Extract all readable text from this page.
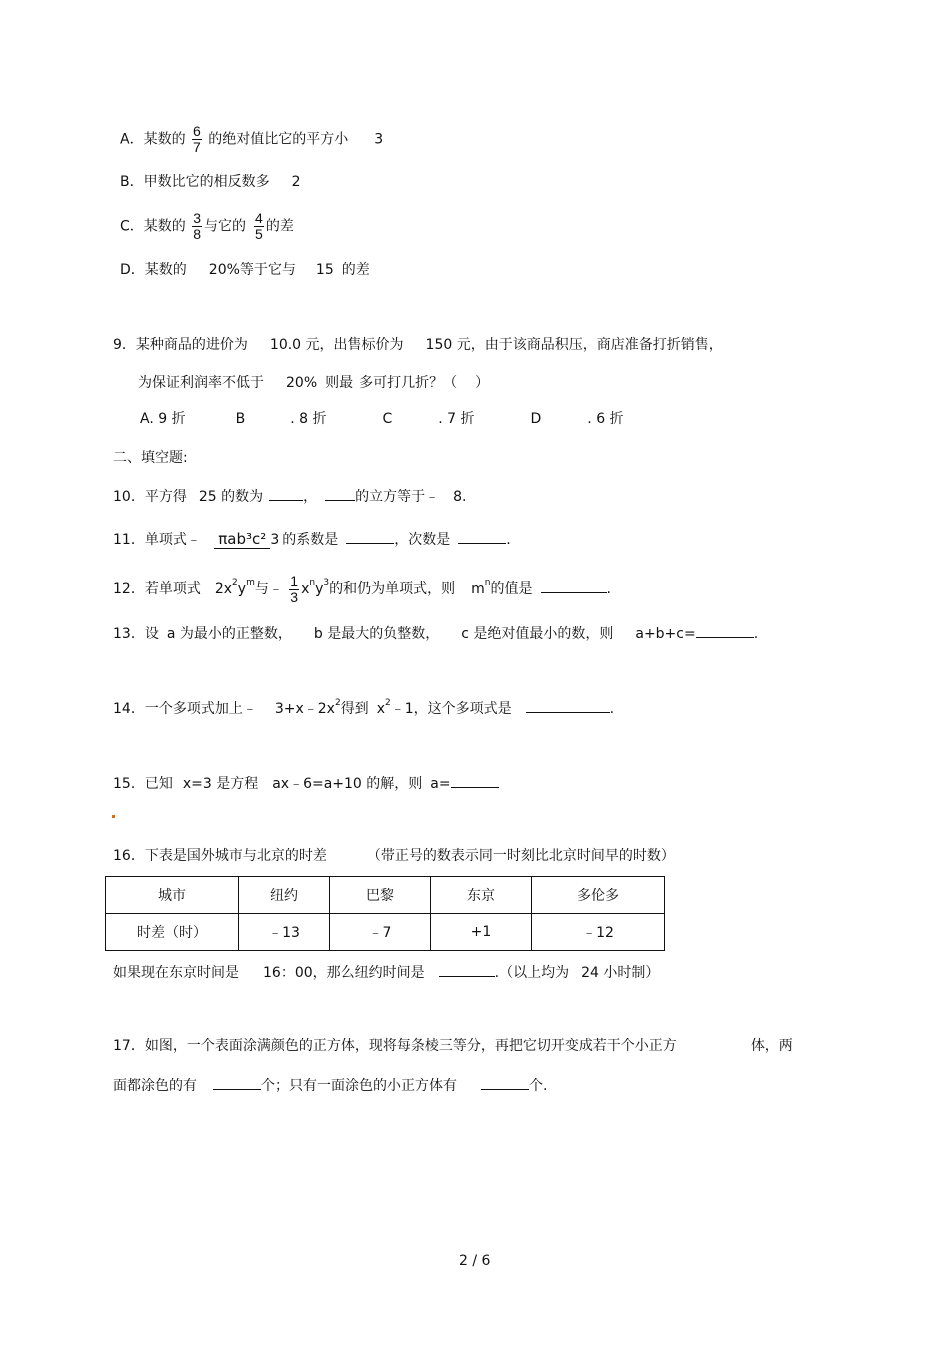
A．某数的 $\frac{6}{7}$ 的绝对值比它的平方小 3
B．甲数比它的相反数多 2
C．某数的 $\frac{3}{8}$ 与它的 $\frac{4}{5}$ 的差
D．某数的 20%等于它与 15 的差
9．某种商品的进价为 10.0 元，出售标价为 150 元，由于该商品积压，商店准备打折销售，
为保证利润率不低于 20% 则最 多可打几折？（ ）
A. 9 折	B	. 8 折	C	. 7 折	D	. 6 折
二、填空题:
10．平方得 25 的数为	，	的立方等于﹣ 8.
11．单项式﹣ πab³c² 3 的系数是	，次数是	.
12．若单项式 $2x^2y^m$与﹣ $\frac{1}{3} x^ny^3$的和仍为单项式，则 $m^n$的值是	.
13．设 a 为最小的正整数， b 是最大的负整数， c 是绝对值最小的数，则 a+b+c=	.
14．一个多项式加上﹣ $3+x﹣2x^2$得到 $x^2﹣1$，这个多项式是	.
15．已知 x=3 是方程 ax﹣6=a+10 的解，则 a=
16．下表是国外城市与北京的时差	（带正号的数表示同一时刻比北京时间早的时数）
城市	纽约	巴黎	东京	多伦多
时差（时）	﹣13	﹣7	+1	﹣12
如果现在东京时间是 16：00，那么纽约时间是	.（以上均为 24 小时制）
17．如图，一个表面涂满颜色的正方体，现将每条棱三等分，再把它切开变成若干个小正方	体，两
面都涂色的有	个；只有一面涂色的小正方体有	个.
2 / 6
